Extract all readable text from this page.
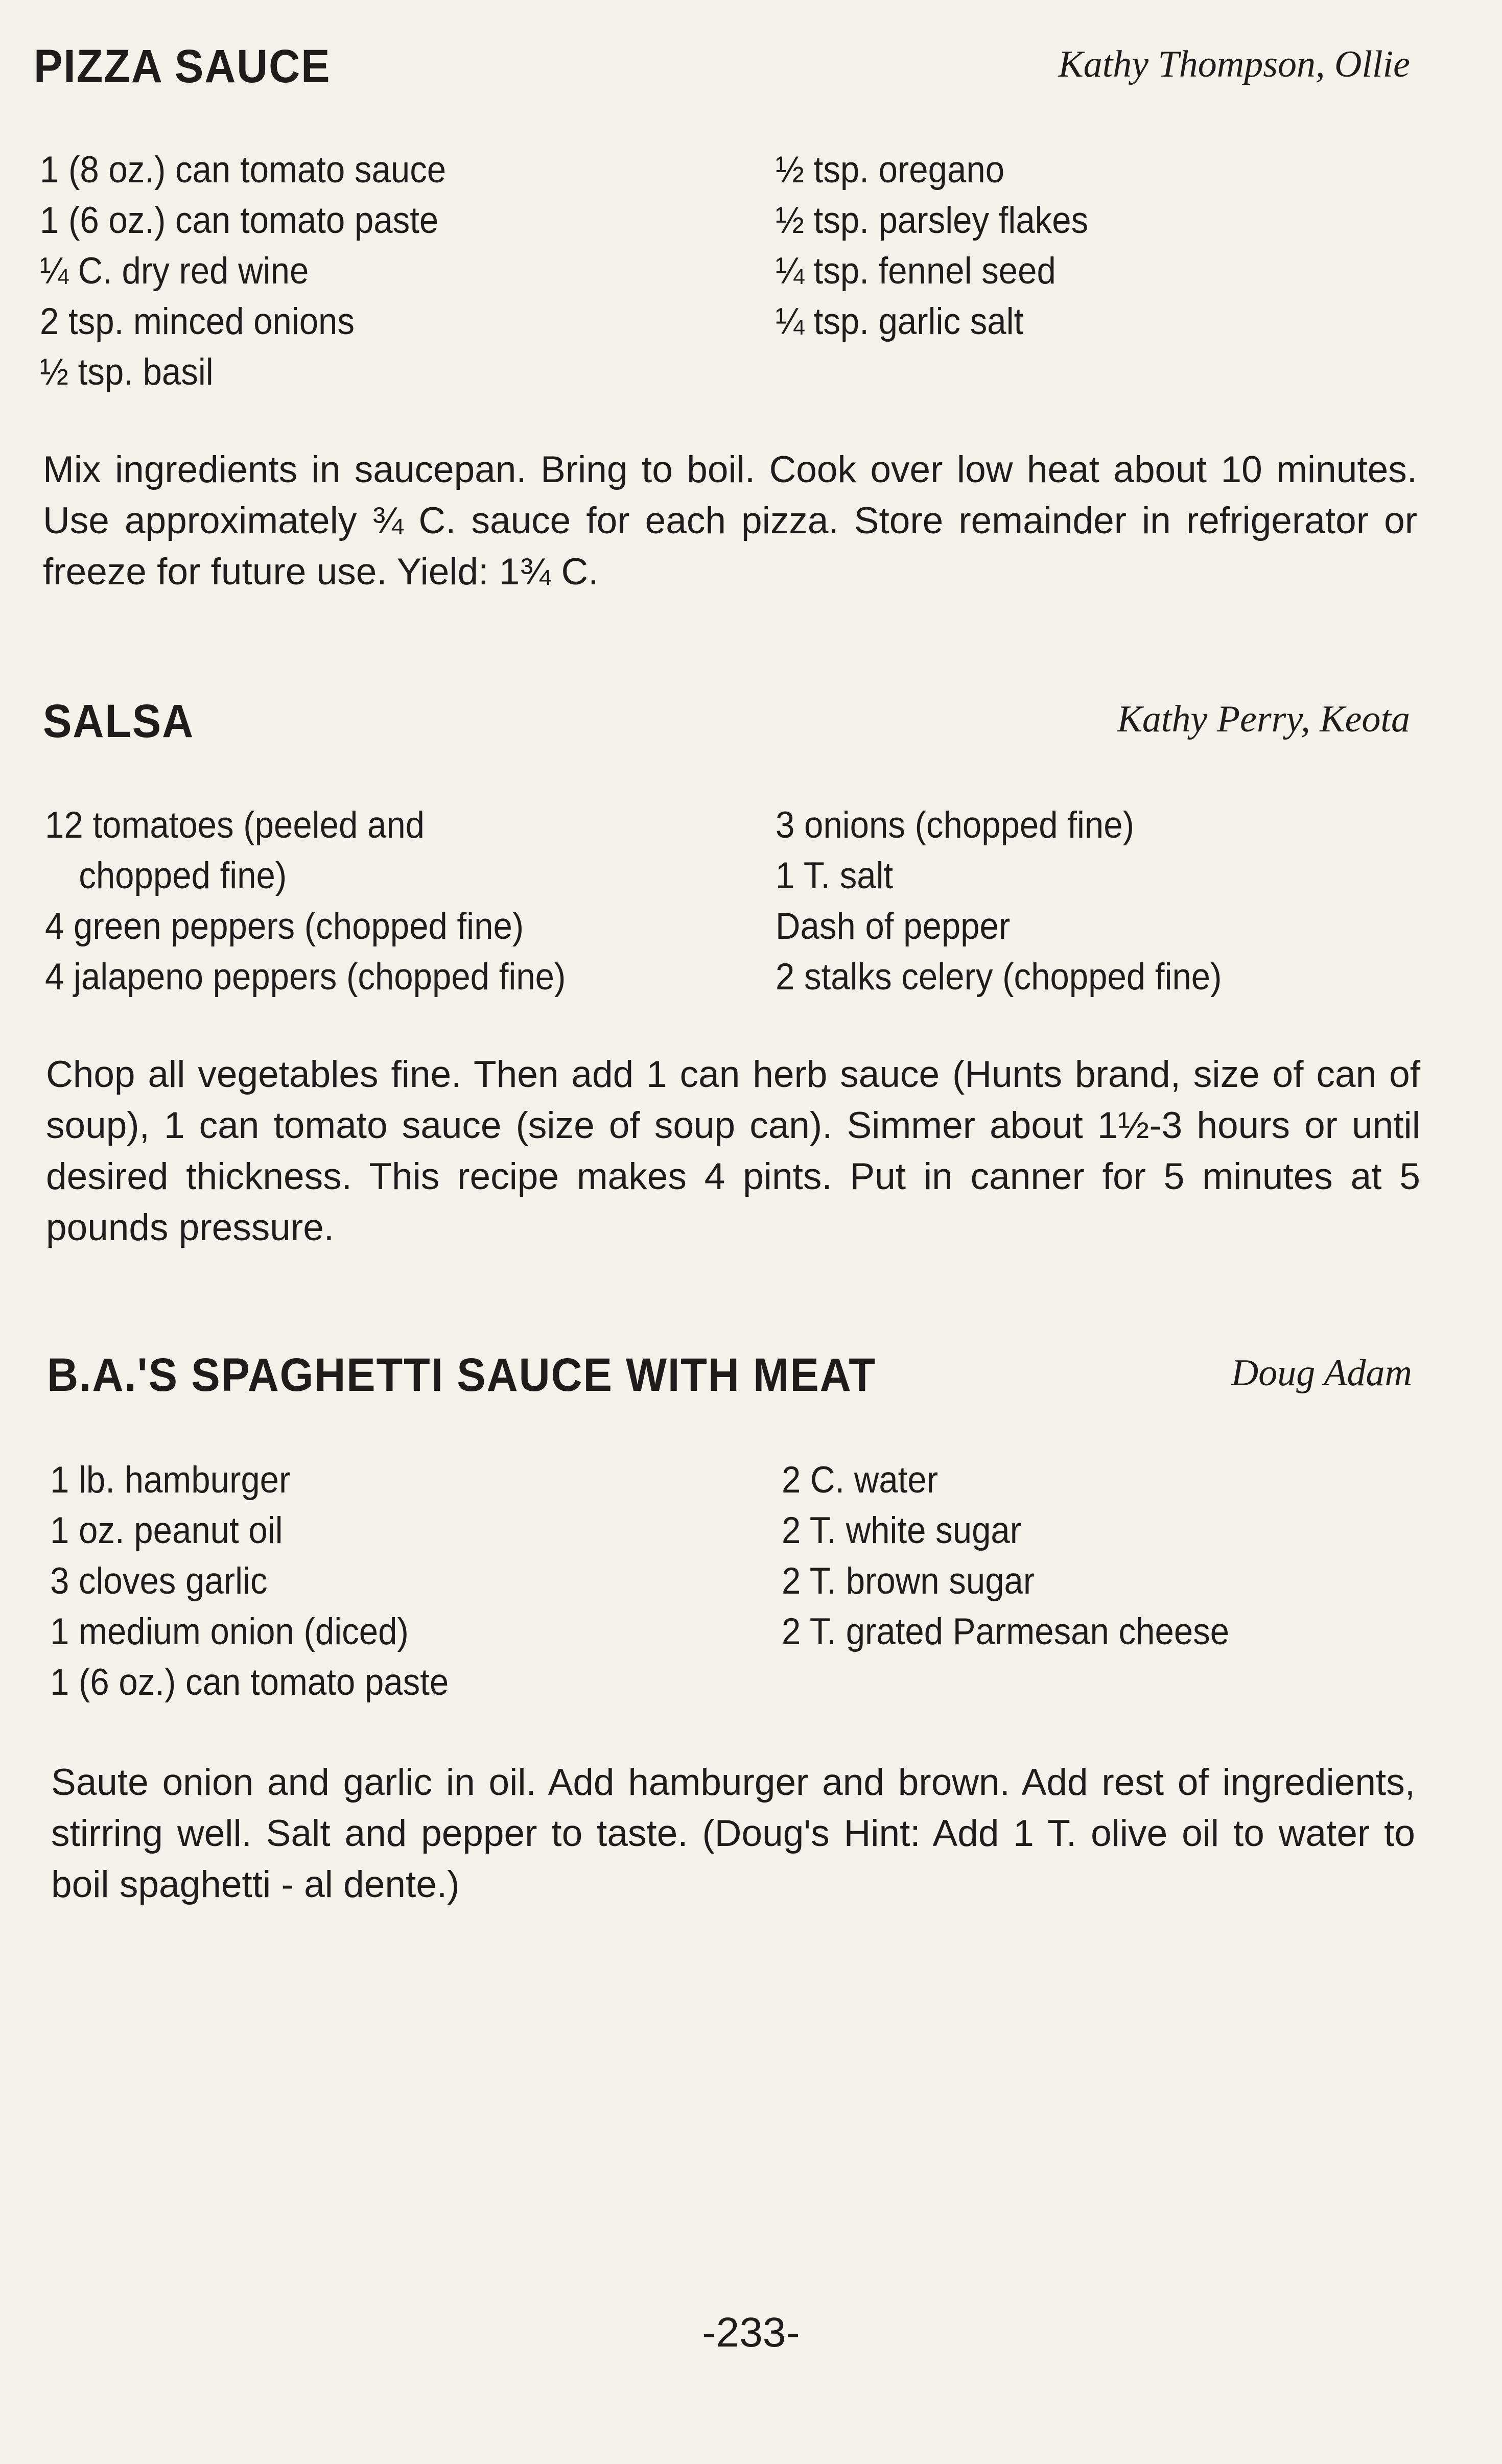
PIZZA SAUCE	Kathy Thompson, Ollie
1 (8 oz.) can tomato sauce
1 (6 oz.) can tomato paste
¼ C. dry red wine
2 tsp. minced onions
½ tsp. basil
½ tsp. oregano
½ tsp. parsley flakes
¼ tsp. fennel seed
¼ tsp. garlic salt
Mix ingredients in saucepan. Bring to boil. Cook over low heat about 10 minutes. Use approximately ¾ C. sauce for each pizza. Store remainder in refrigerator or freeze for future use. Yield: 1¾ C.
SALSA	Kathy Perry, Keota
12 tomatoes (peeled and
chopped fine)
4 green peppers (chopped fine)
4 jalapeno peppers (chopped fine)
3 onions (chopped fine)
1 T. salt
Dash of pepper
2 stalks celery (chopped fine)
Chop all vegetables fine. Then add 1 can herb sauce (Hunts brand, size of can of soup), 1 can tomato sauce (size of soup can). Simmer about 1½-3 hours or until desired thickness. This recipe makes 4 pints. Put in canner for 5 minutes at 5 pounds pressure.
B.A.'S SPAGHETTI SAUCE WITH MEAT	Doug Adam
1 lb. hamburger
1 oz. peanut oil
3 cloves garlic
1 medium onion (diced)
1 (6 oz.) can tomato paste
2 C. water
2 T. white sugar
2 T. brown sugar
2 T. grated Parmesan cheese
Saute onion and garlic in oil. Add hamburger and brown. Add rest of ingredients, stirring well. Salt and pepper to taste. (Doug's Hint: Add 1 T. olive oil to water to boil spaghetti - al dente.)
-233-
